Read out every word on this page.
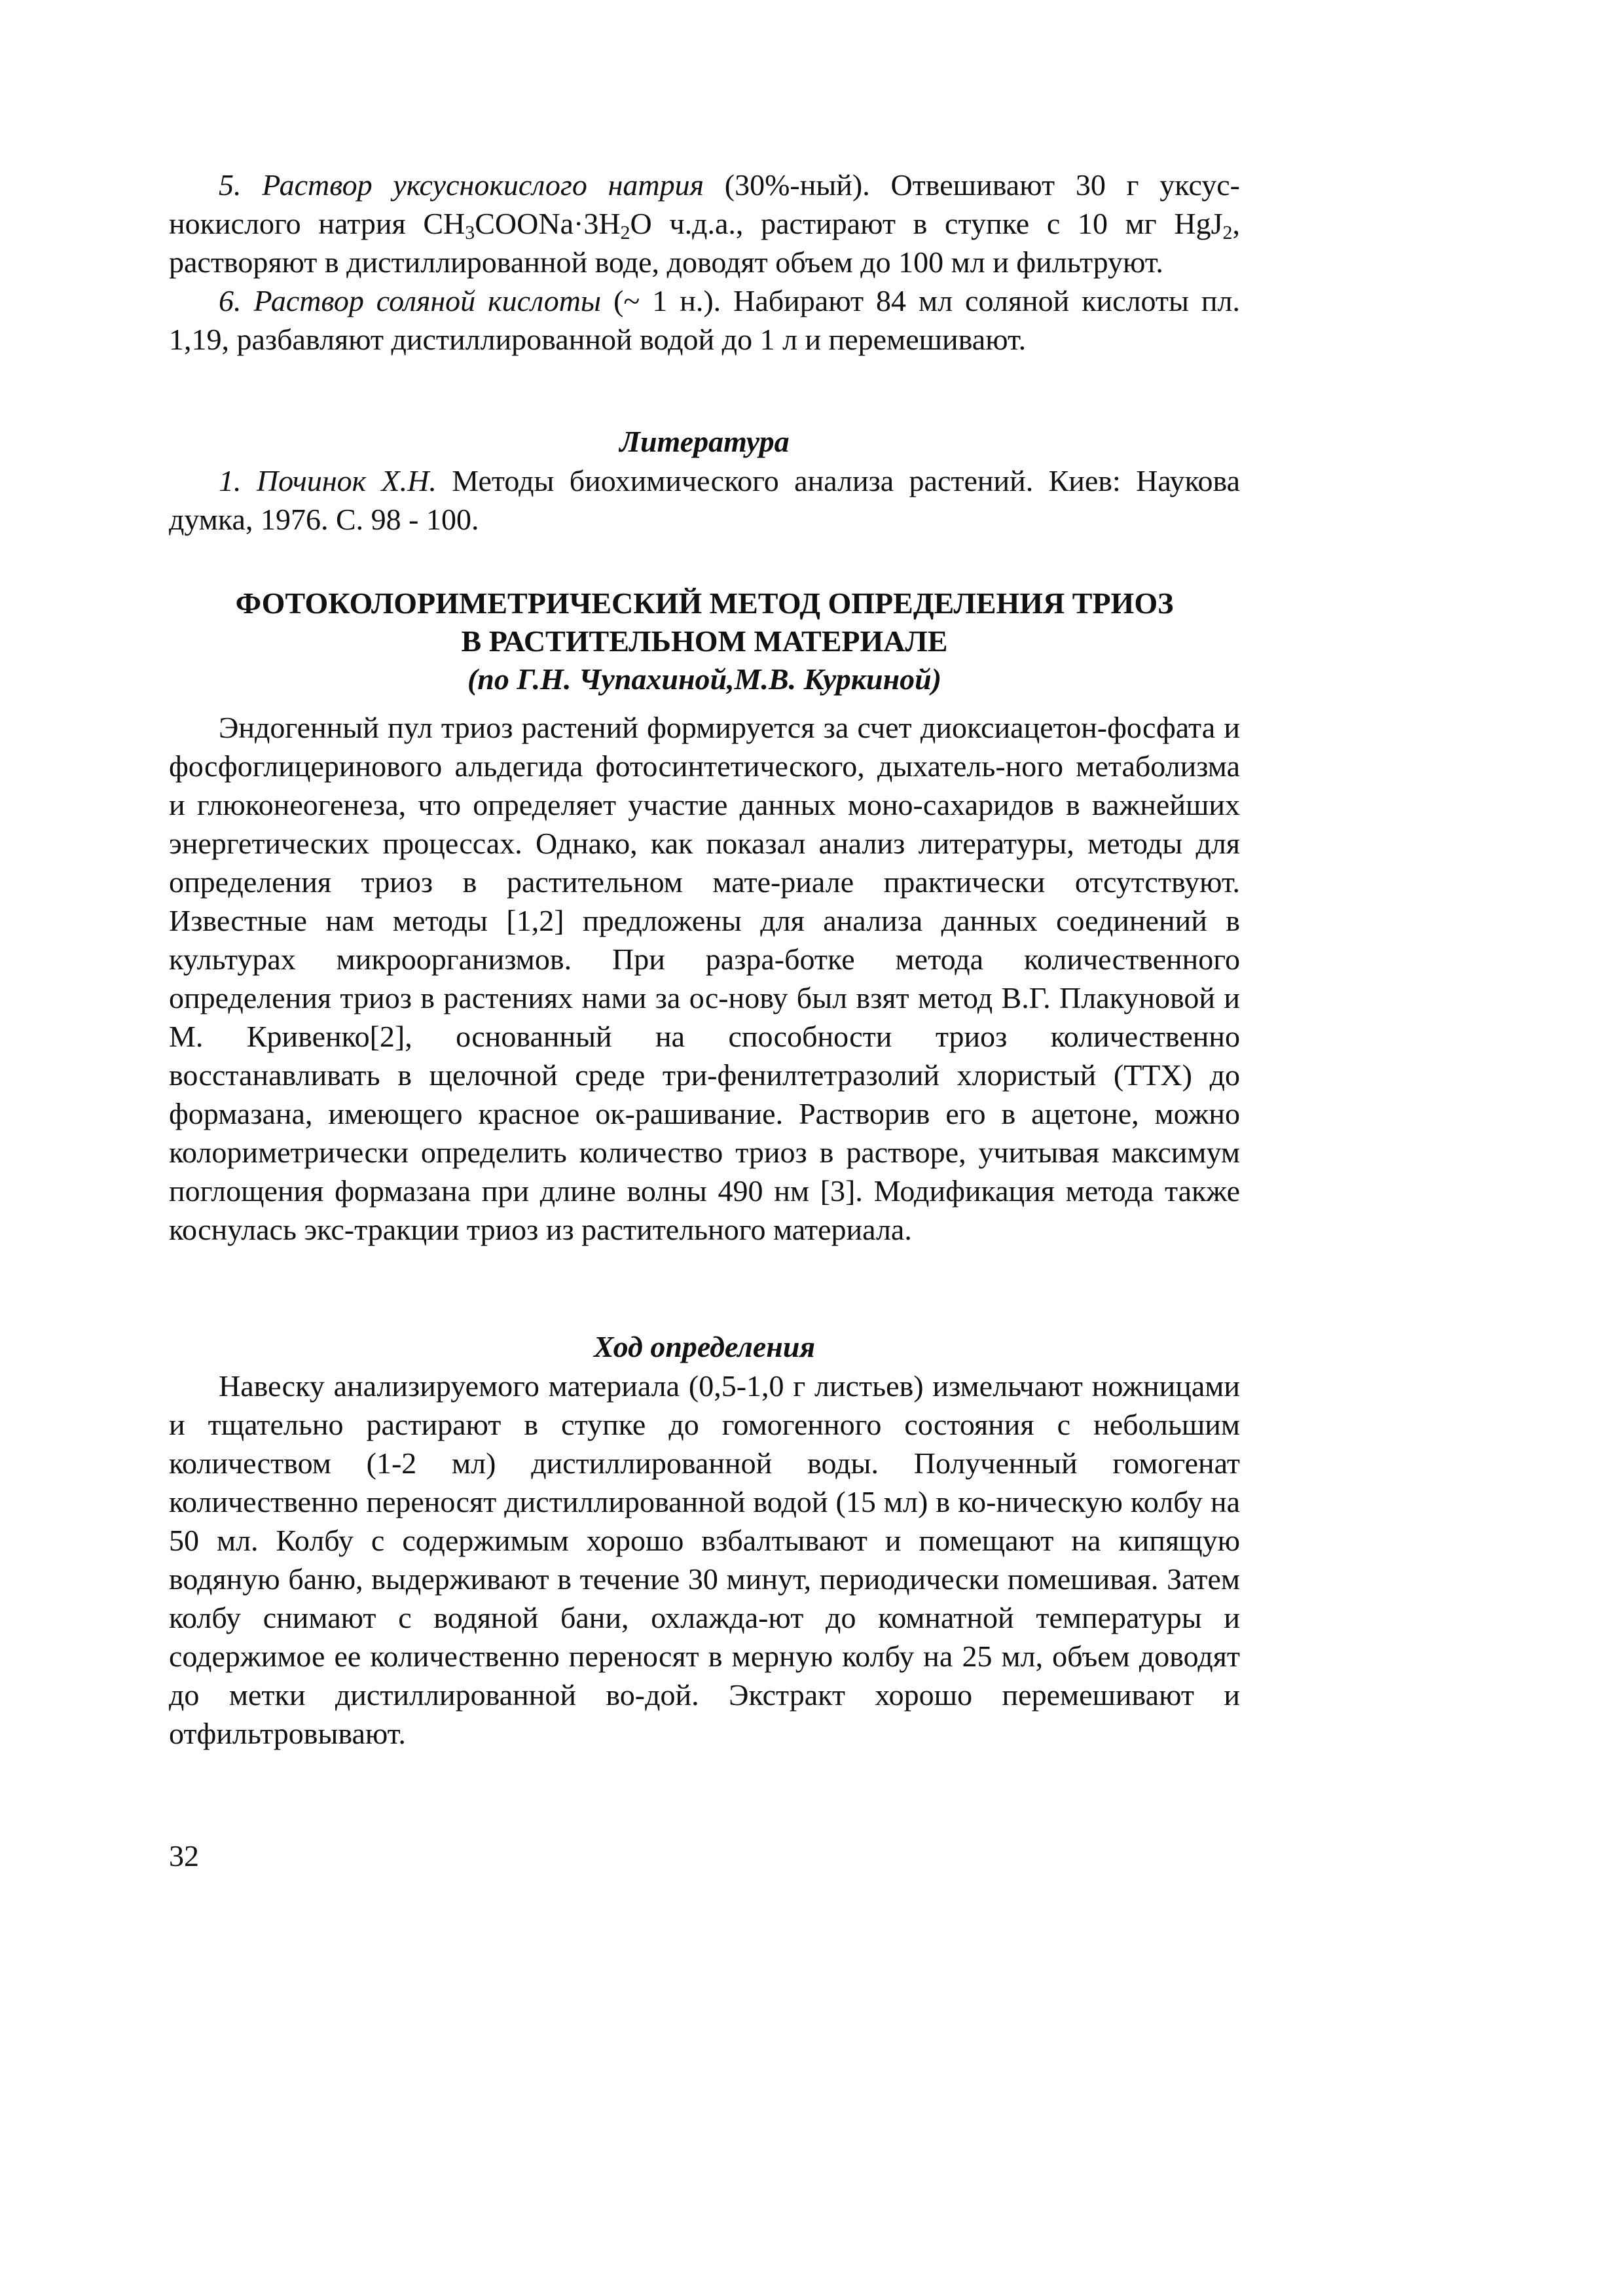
5. Раствор уксуснокислого натрия (30%-ный). Отвешивают 30 г уксус-нокислого натрия $CH_3COONa\cdot 3H_2O$ ч.д.а., растирают в ступке с 10 мг HgJ$_2$, растворяют в дистиллированной воде, доводят объем до 100 мл и фильтруют.

6. Раствор соляной кислоты (~ 1 н.). Набирают 84 мл соляной кислоты пл. 1,19, разбавляют дистиллированной водой до 1 л и перемешивают.

Литература

1. Починок Х.Н. Методы биохимического анализа растений. Киев: Наукова думка, 1976. С. 98 - 100.

ФОТОКОЛОРИМЕТРИЧЕСКИЙ МЕТОД ОПРЕДЕЛЕНИЯ ТРИОЗ
В РАСТИТЕЛЬНОМ МАТЕРИАЛЕ
(по Г.Н. Чупахиной,М.В. Куркиной)

Эндогенный пул триоз растений формируется за счет диоксиацетон-фосфата и фосфоглицеринового альдегида фотосинтетического, дыхатель-ного метаболизма и глюконеогенеза, что определяет участие данных моно-сахаридов в важнейших энергетических процессах. Однако, как показал анализ литературы, методы для определения триоз в растительном мате-риале практически отсутствуют. Известные нам методы [1,2] предложены для анализа данных соединений в культурах микроорганизмов. При разра-ботке метода количественного определения триоз в растениях нами за ос-нову был взят метод В.Г. Плакуновой и М. Кривенко[2], основанный на способности триоз количественно восстанавливать в щелочной среде три-фенилтетразолий хлористый (ТТХ) до формазана, имеющего красное ок-рашивание. Растворив его в ацетоне, можно колориметрически определить количество триоз в растворе, учитывая максимум поглощения формазана при длине волны 490 нм [3]. Модификация метода также коснулась экс-тракции триоз из растительного материала.

Ход определения

Навеску анализируемого материала (0,5-1,0 г листьев) измельчают ножницами и тщательно растирают в ступке до гомогенного состояния с небольшим количеством (1-2 мл) дистиллированной воды. Полученный гомогенат количественно переносят дистиллированной водой (15 мл) в ко-ническую колбу на 50 мл. Колбу с содержимым хорошо взбалтывают и помещают на кипящую водяную баню, выдерживают в течение 30 минут, периодически помешивая. Затем колбу снимают с водяной бани, охлажда-ют до комнатной температуры и содержимое ее количественно переносят в мерную колбу на 25 мл, объем доводят до метки дистиллированной во-дой. Экстракт хорошо перемешивают и отфильтровывают.

32
